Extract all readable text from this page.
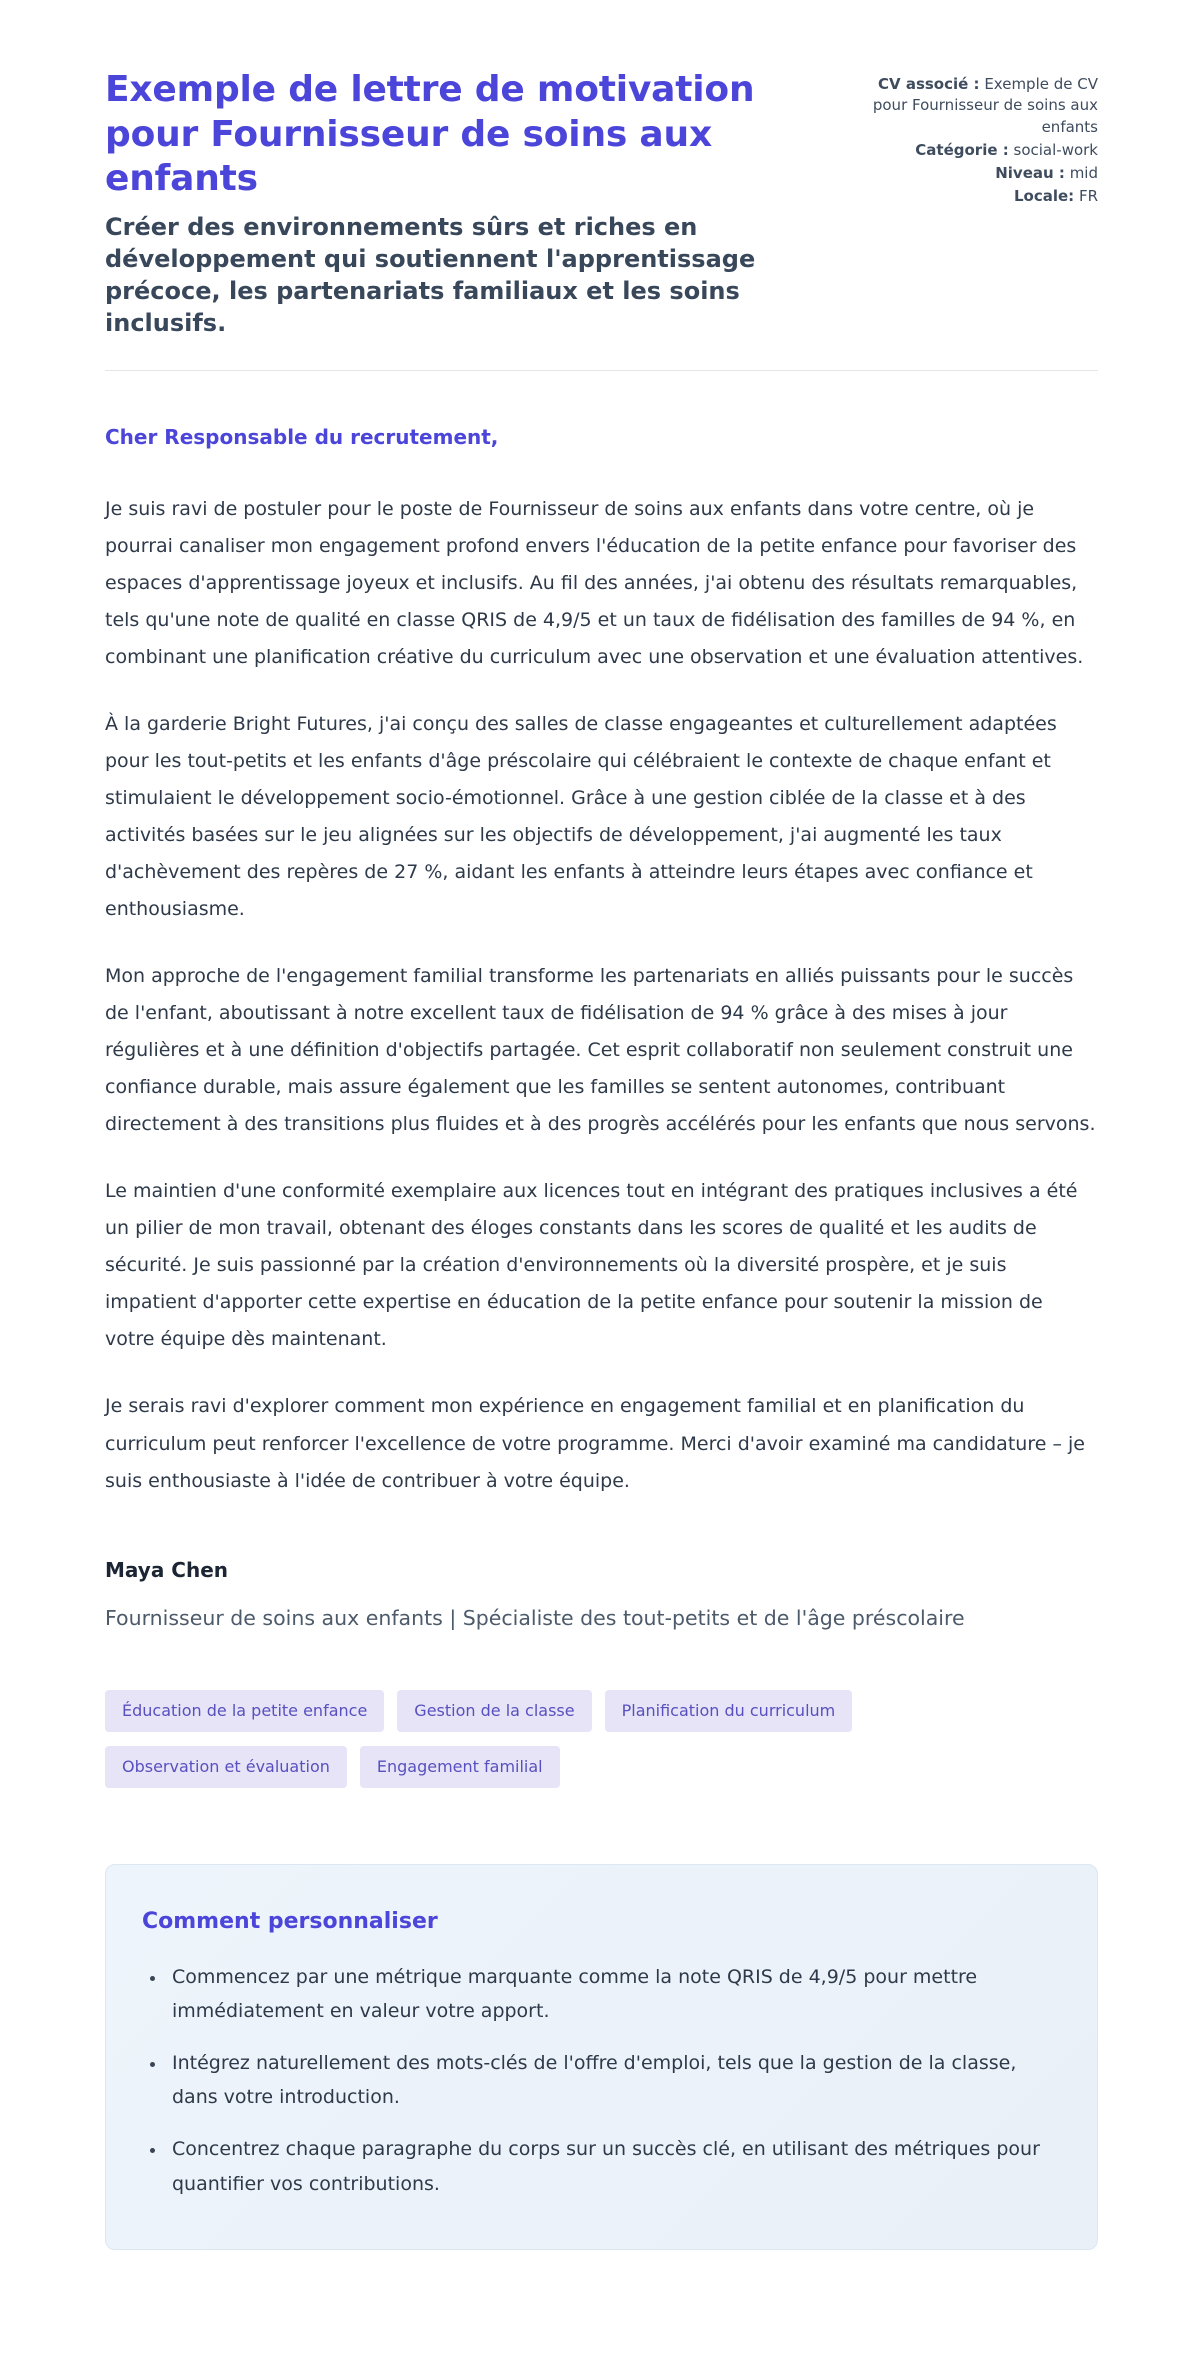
Exemple de lettre de motivation pour Fournisseur de soins aux enfants

Créer des environnements sûrs et riches en développement qui soutiennent l'apprentissage précoce, les partenariats familiaux et les soins inclusifs.

CV associé : Exemple de CV pour Fournisseur de soins aux enfants
Catégorie : social-work
Niveau : mid
Locale: FR

Cher Responsable du recrutement,

Je suis ravi de postuler pour le poste de Fournisseur de soins aux enfants dans votre centre, où je pourrai canaliser mon engagement profond envers l'éducation de la petite enfance pour favoriser des espaces d'apprentissage joyeux et inclusifs. Au fil des années, j'ai obtenu des résultats remarquables, tels qu'une note de qualité en classe QRIS de 4,9/5 et un taux de fidélisation des familles de 94 %, en combinant une planification créative du curriculum avec une observation et une évaluation attentives.

À la garderie Bright Futures, j'ai conçu des salles de classe engageantes et culturellement adaptées pour les tout-petits et les enfants d'âge préscolaire qui célébraient le contexte de chaque enfant et stimulaient le développement socio-émotionnel. Grâce à une gestion ciblée de la classe et à des activités basées sur le jeu alignées sur les objectifs de développement, j'ai augmenté les taux d'achèvement des repères de 27 %, aidant les enfants à atteindre leurs étapes avec confiance et enthousiasme.

Mon approche de l'engagement familial transforme les partenariats en alliés puissants pour le succès de l'enfant, aboutissant à notre excellent taux de fidélisation de 94 % grâce à des mises à jour régulières et à une définition d'objectifs partagée. Cet esprit collaboratif non seulement construit une confiance durable, mais assure également que les familles se sentent autonomes, contribuant directement à des transitions plus fluides et à des progrès accélérés pour les enfants que nous servons.

Le maintien d'une conformité exemplaire aux licences tout en intégrant des pratiques inclusives a été un pilier de mon travail, obtenant des éloges constants dans les scores de qualité et les audits de sécurité. Je suis passionné par la création d'environnements où la diversité prospère, et je suis impatient d'apporter cette expertise en éducation de la petite enfance pour soutenir la mission de votre équipe dès maintenant.

Je serais ravi d'explorer comment mon expérience en engagement familial et en planification du curriculum peut renforcer l'excellence de votre programme. Merci d'avoir examiné ma candidature – je suis enthousiaste à l'idée de contribuer à votre équipe.

Maya Chen

Fournisseur de soins aux enfants | Spécialiste des tout-petits et de l'âge préscolaire

Éducation de la petite enfance	Gestion de la classe	Planification du curriculum
Observation et évaluation	Engagement familial
Comment personnaliser
• Commencez par une métrique marquante comme la note QRIS de 4,9/5 pour mettre immédiatement en valeur votre apport.
• Intégrez naturellement des mots-clés de l'offre d'emploi, tels que la gestion de la classe, dans votre introduction.
• Concentrez chaque paragraphe du corps sur un succès clé, en utilisant des métriques pour quantifier vos contributions.
